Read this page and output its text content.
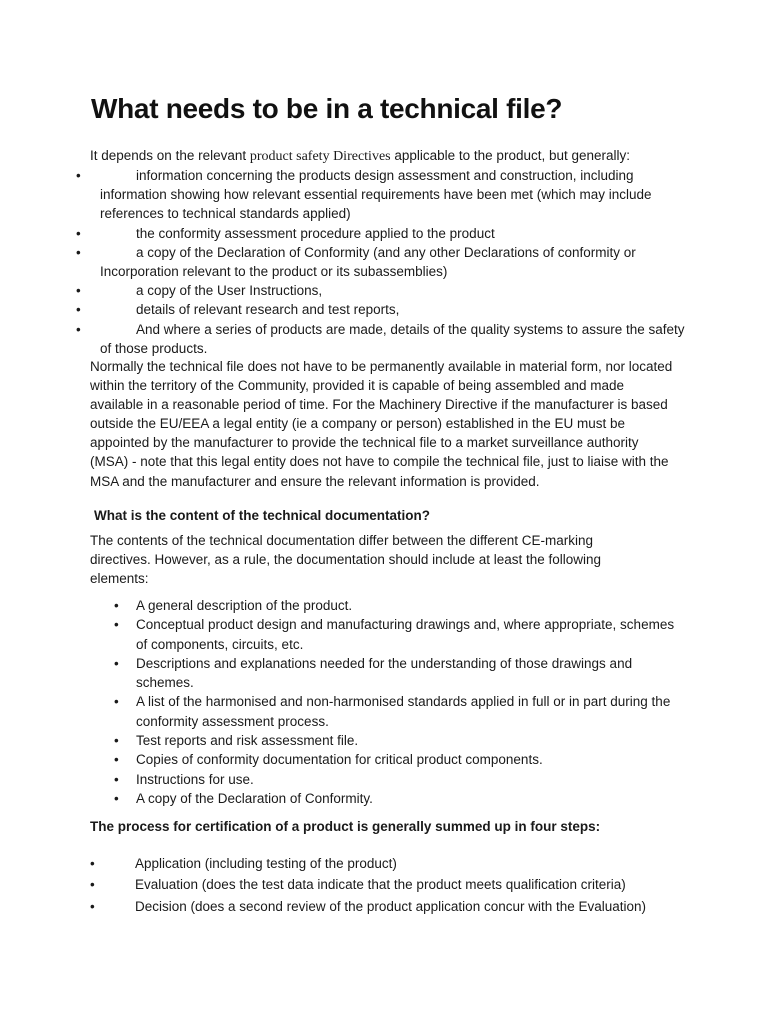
What needs to be in a technical file?

It depends on the relevant product safety Directives applicable to the product, but generally:

•	information concerning the products design assessment and construction, including information showing how relevant essential requirements have been met (which may include references to technical standards applied)
•	the conformity assessment procedure applied to the product
•	a copy of the Declaration of Conformity (and any other Declarations of conformity or Incorporation relevant to the product or its subassemblies)
•	a copy of the User Instructions,
•	details of relevant research and test reports,
•	And where a series of products are made, details of the quality systems to assure the safety of those products.

Normally the technical file does not have to be permanently available in material form, nor located within the territory of the Community, provided it is capable of being assembled and made available in a reasonable period of time. For the Machinery Directive if the manufacturer is based outside the EU/EEA a legal entity (ie a company or person) established in the EU must be appointed by the manufacturer to provide the technical file to a market surveillance authority (MSA) - note that this legal entity does not have to compile the technical file, just to liaise with the MSA and the manufacturer and ensure the relevant information is provided.

What is the content of the technical documentation?

The contents of the technical documentation differ between the different CE-marking directives. However, as a rule, the documentation should include at least the following elements:

• A general description of the product.
• Conceptual product design and manufacturing drawings and, where appropriate, schemes of components, circuits, etc.
• Descriptions and explanations needed for the understanding of those drawings and schemes.
• A list of the harmonised and non-harmonised standards applied in full or in part during the conformity assessment process.
• Test reports and risk assessment file.
• Copies of conformity documentation for critical product components.
• Instructions for use.
• A copy of the Declaration of Conformity.

The process for certification of a product is generally summed up in four steps:

•	Application (including testing of the product)
•	Evaluation (does the test data indicate that the product meets qualification criteria)
•	Decision (does a second review of the product application concur with the Evaluation)
